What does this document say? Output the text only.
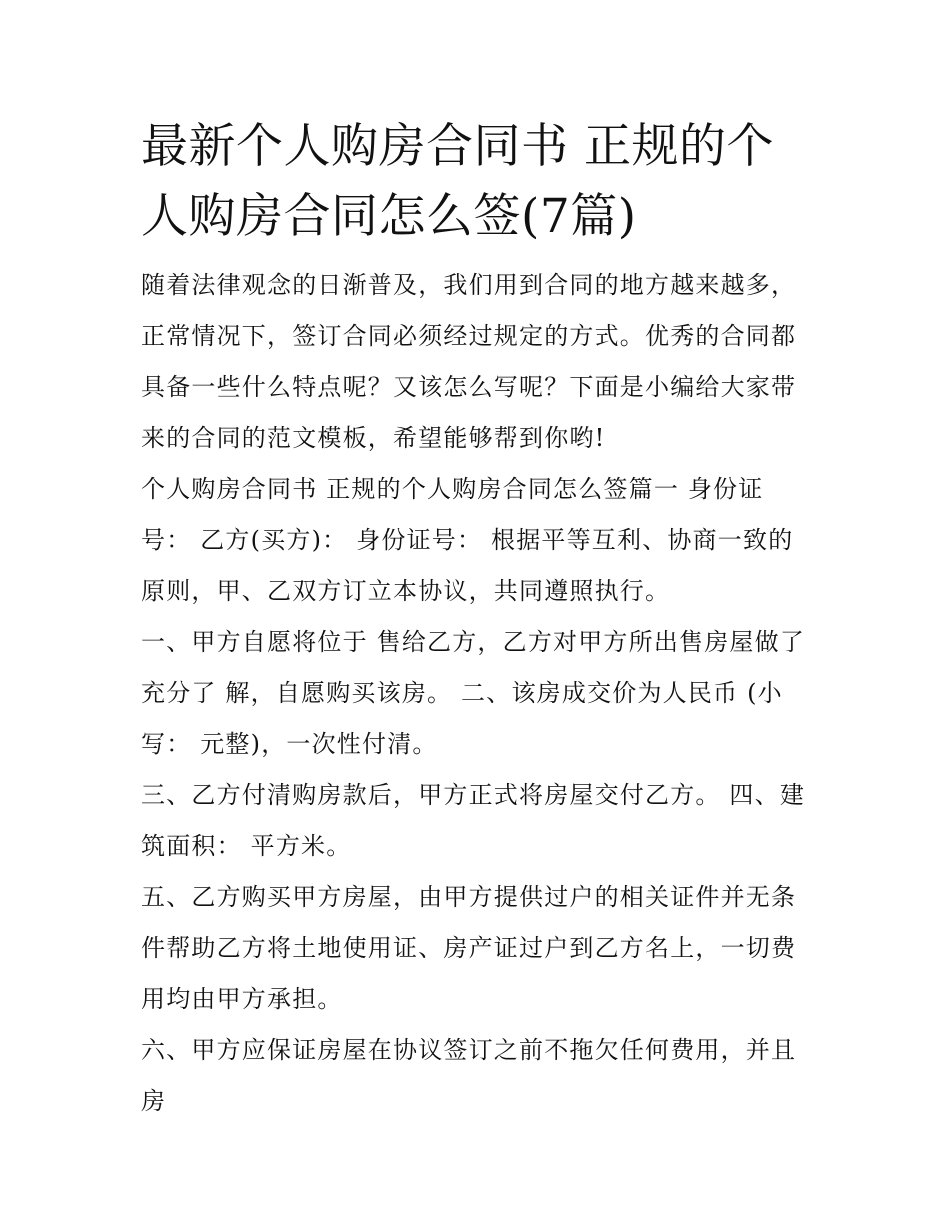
最新个人购房合同书 正规的个人购房合同怎么签(7篇)

随着法律观念的日渐普及，我们用到合同的地方越来越多，正常情况下，签订合同必须经过规定的方式。优秀的合同都具备一些什么特点呢？又该怎么写呢？下面是小编给大家带来的合同的范文模板，希望能够帮到你哟!

个人购房合同书 正规的个人购房合同怎么签篇一 身份证号： 乙方(买方)： 身份证号： 根据平等互利、协商一致的原则，甲、乙双方订立本协议，共同遵照执行。

一、甲方自愿将位于 售给乙方，乙方对甲方所出售房屋做了充分了 解，自愿购买该房。 二、该房成交价为人民币 (小写： 元整)，一次性付清。

三、乙方付清购房款后，甲方正式将房屋交付乙方。 四、建筑面积： 平方米。

五、乙方购买甲方房屋，由甲方提供过户的相关证件并无条件帮助乙方将土地使用证、房产证过户到乙方名上，一切费用均由甲方承担。

六、甲方应保证房屋在协议签订之前不拖欠任何费用，并且房
